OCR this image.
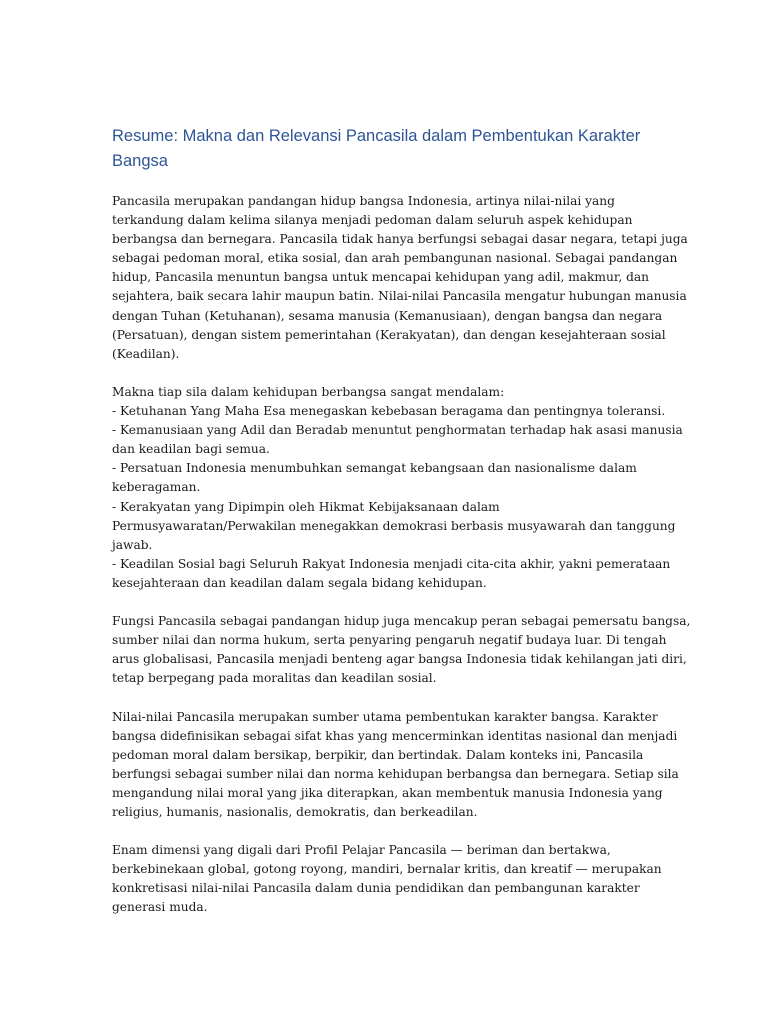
Resume: Makna dan Relevansi Pancasila dalam Pembentukan Karakter
Bangsa

Pancasila merupakan pandangan hidup bangsa Indonesia, artinya nilai-nilai yang
terkandung dalam kelima silanya menjadi pedoman dalam seluruh aspek kehidupan
berbangsa dan bernegara. Pancasila tidak hanya berfungsi sebagai dasar negara, tetapi juga
sebagai pedoman moral, etika sosial, dan arah pembangunan nasional. Sebagai pandangan
hidup, Pancasila menuntun bangsa untuk mencapai kehidupan yang adil, makmur, dan
sejahtera, baik secara lahir maupun batin. Nilai-nilai Pancasila mengatur hubungan manusia
dengan Tuhan (Ketuhanan), sesama manusia (Kemanusiaan), dengan bangsa dan negara
(Persatuan), dengan sistem pemerintahan (Kerakyatan), dan dengan kesejahteraan sosial
(Keadilan).

Makna tiap sila dalam kehidupan berbangsa sangat mendalam:
- Ketuhanan Yang Maha Esa menegaskan kebebasan beragama dan pentingnya toleransi.
- Kemanusiaan yang Adil dan Beradab menuntut penghormatan terhadap hak asasi manusia
dan keadilan bagi semua.
- Persatuan Indonesia menumbuhkan semangat kebangsaan dan nasionalisme dalam
keberagaman.
- Kerakyatan yang Dipimpin oleh Hikmat Kebijaksanaan dalam
Permusyawaratan/Perwakilan menegakkan demokrasi berbasis musyawarah dan tanggung
jawab.
- Keadilan Sosial bagi Seluruh Rakyat Indonesia menjadi cita-cita akhir, yakni pemerataan
kesejahteraan dan keadilan dalam segala bidang kehidupan.

Fungsi Pancasila sebagai pandangan hidup juga mencakup peran sebagai pemersatu bangsa,
sumber nilai dan norma hukum, serta penyaring pengaruh negatif budaya luar. Di tengah
arus globalisasi, Pancasila menjadi benteng agar bangsa Indonesia tidak kehilangan jati diri,
tetap berpegang pada moralitas dan keadilan sosial.

Nilai-nilai Pancasila merupakan sumber utama pembentukan karakter bangsa. Karakter
bangsa didefinisikan sebagai sifat khas yang mencerminkan identitas nasional dan menjadi
pedoman moral dalam bersikap, berpikir, dan bertindak. Dalam konteks ini, Pancasila
berfungsi sebagai sumber nilai dan norma kehidupan berbangsa dan bernegara. Setiap sila
mengandung nilai moral yang jika diterapkan, akan membentuk manusia Indonesia yang
religius, humanis, nasionalis, demokratis, dan berkeadilan.

Enam dimensi yang digali dari Profil Pelajar Pancasila — beriman dan bertakwa,
berkebinekaan global, gotong royong, mandiri, bernalar kritis, dan kreatif — merupakan
konkretisasi nilai-nilai Pancasila dalam dunia pendidikan dan pembangunan karakter
generasi muda.
